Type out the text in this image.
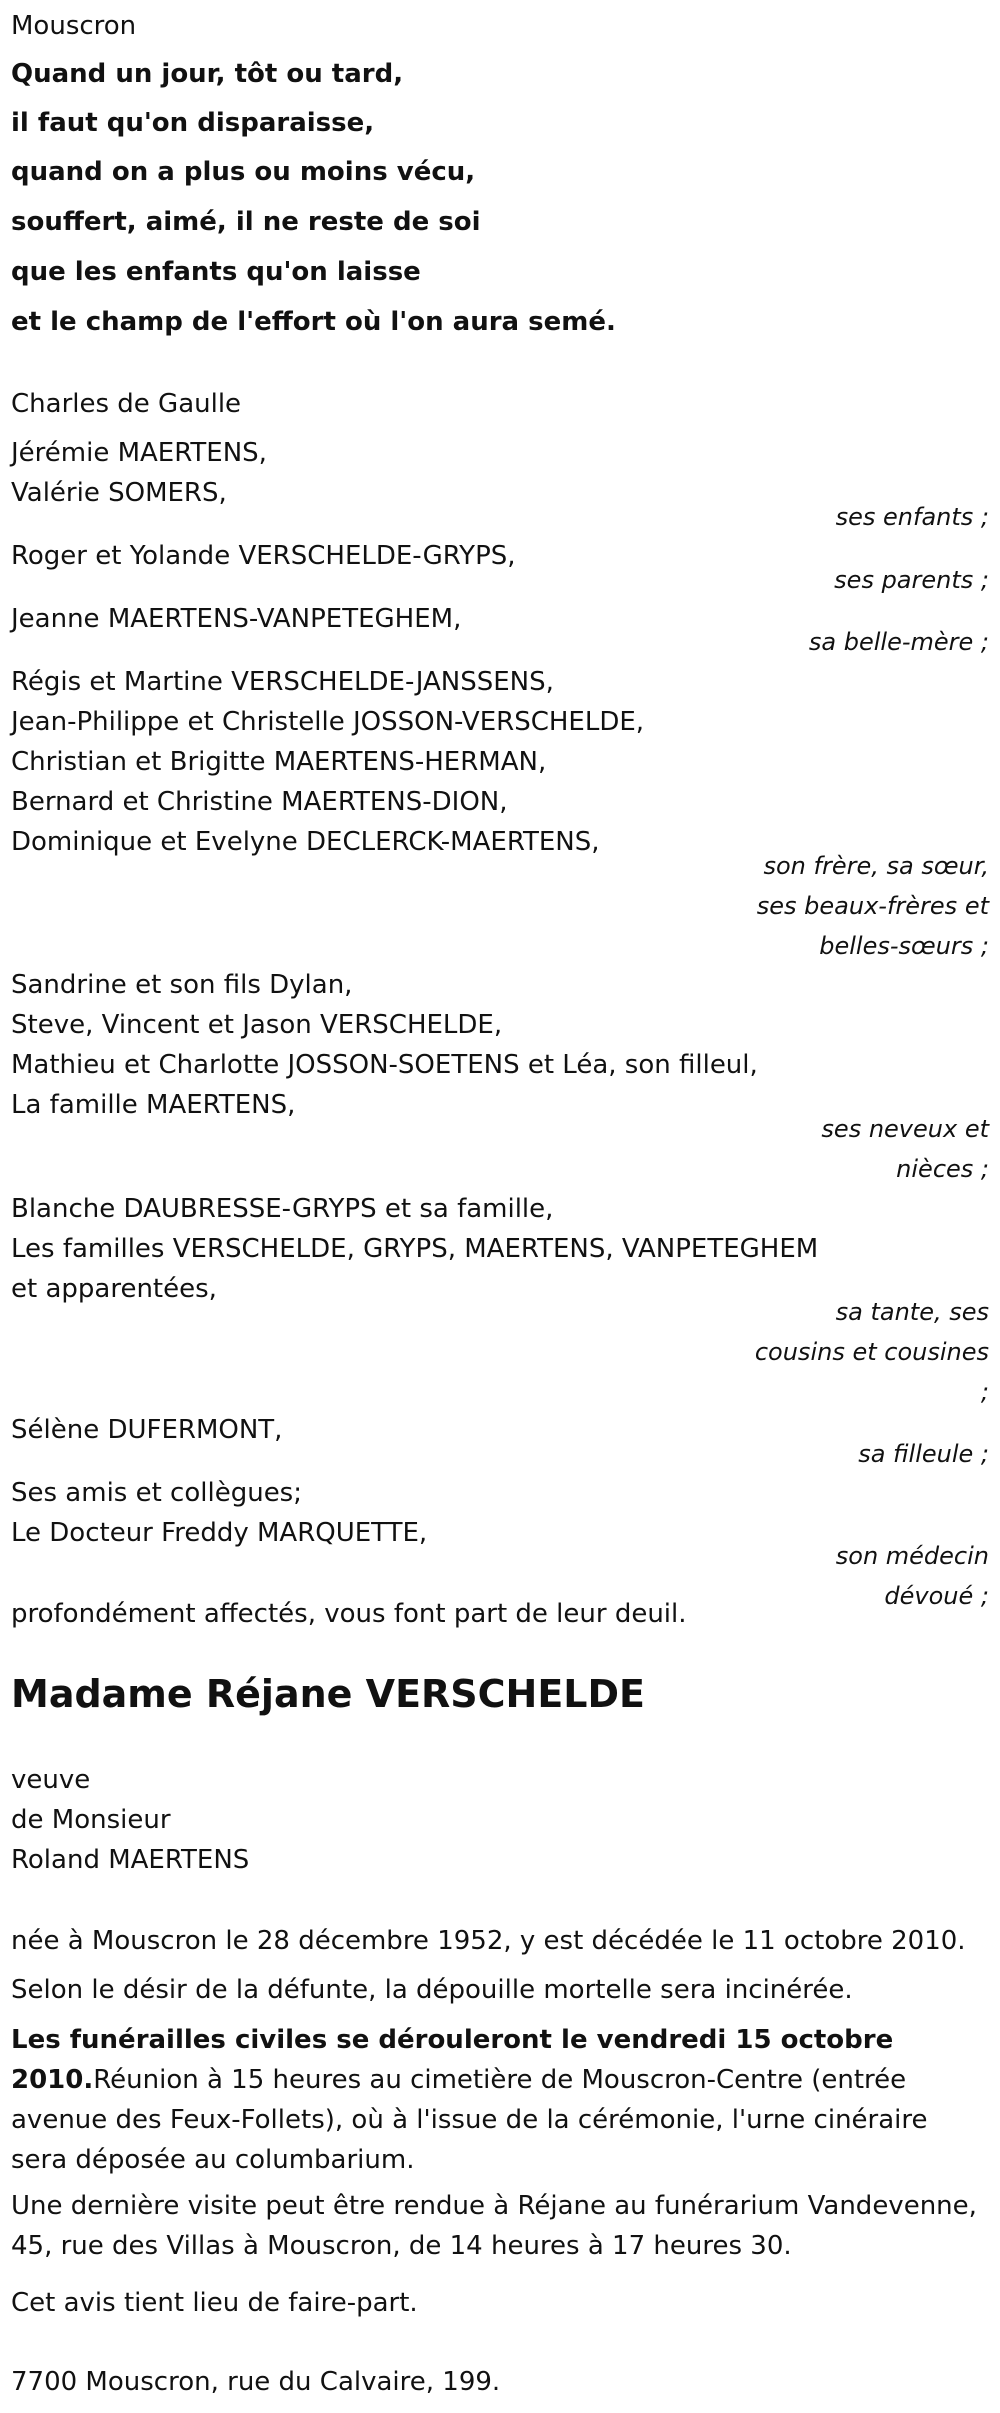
Mouscron
Quand un jour, tôt ou tard,
il faut qu'on disparaisse,
quand on a plus ou moins vécu,
souffert, aimé, il ne reste de soi
que les enfants qu'on laisse
et le champ de l'effort où l'on aura semé.
Charles de Gaulle
Jérémie MAERTENS,
Valérie SOMERS,
ses enfants ;
Roger et Yolande VERSCHELDE-GRYPS,
ses parents ;
Jeanne MAERTENS-VANPETEGHEM,
sa belle-mère ;
Régis et Martine VERSCHELDE-JANSSENS,
Jean-Philippe et Christelle JOSSON-VERSCHELDE,
Christian et Brigitte MAERTENS-HERMAN,
Bernard et Christine MAERTENS-DION,
Dominique et Evelyne DECLERCK-MAERTENS,
son frère, sa sœur,
ses beaux-frères et
belles-sœurs ;
Sandrine et son fils Dylan,
Steve, Vincent et Jason VERSCHELDE,
Mathieu et Charlotte JOSSON-SOETENS et Léa, son filleul,
La famille MAERTENS,
ses neveux et
nièces ;
Blanche DAUBRESSE-GRYPS et sa famille,
Les familles VERSCHELDE, GRYPS, MAERTENS, VANPETEGHEM
et apparentées,
sa tante, ses
cousins et cousines
;
Sélène DUFERMONT,
sa filleule ;
Ses amis et collègues;
Le Docteur Freddy MARQUETTE,
son médecin
dévoué ;
profondément affectés, vous font part de leur deuil.
Madame Réjane VERSCHELDE
veuve
de Monsieur
Roland MAERTENS
née à Mouscron le 28 décembre 1952, y est décédée le 11 octobre 2010.
Selon le désir de la défunte, la dépouille mortelle sera incinérée.
Les funérailles civiles se dérouleront le vendredi 15 octobre 2010.Réunion à 15 heures au cimetière de Mouscron-Centre (entrée avenue des Feux-Follets), où à l'issue de la cérémonie, l'urne cinéraire sera déposée au columbarium.
Une dernière visite peut être rendue à Réjane au funérarium Vandevenne, 45, rue des Villas à Mouscron, de 14 heures à 17 heures 30.
Cet avis tient lieu de faire-part.
7700 Mouscron, rue du Calvaire, 199.
